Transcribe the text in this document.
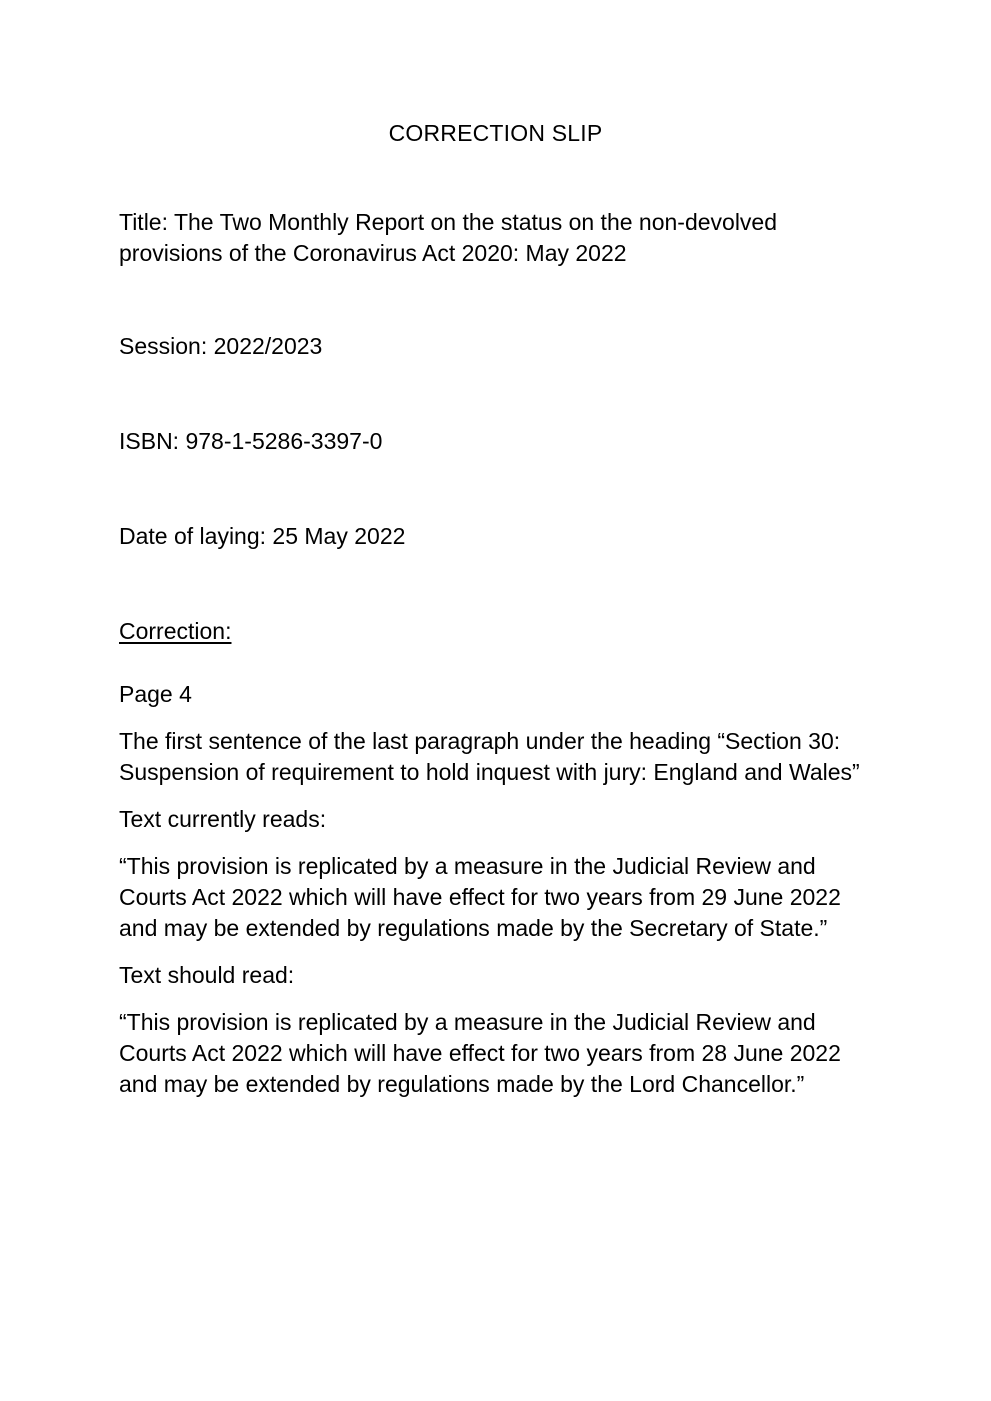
CORRECTION SLIP

Title: The Two Monthly Report on the status on the non-devolved provisions of the Coronavirus Act 2020: May 2022

Session: 2022/2023

ISBN: 978-1-5286-3397-0

Date of laying: 25 May 2022

Correction:

Page 4

The first sentence of the last paragraph under the heading “Section 30: Suspension of requirement to hold inquest with jury: England and Wales”

Text currently reads:

“This provision is replicated by a measure in the Judicial Review and Courts Act 2022 which will have effect for two years from 29 June 2022 and may be extended by regulations made by the Secretary of State.”

Text should read:

“This provision is replicated by a measure in the Judicial Review and Courts Act 2022 which will have effect for two years from 28 June 2022 and may be extended by regulations made by the Lord Chancellor.”
